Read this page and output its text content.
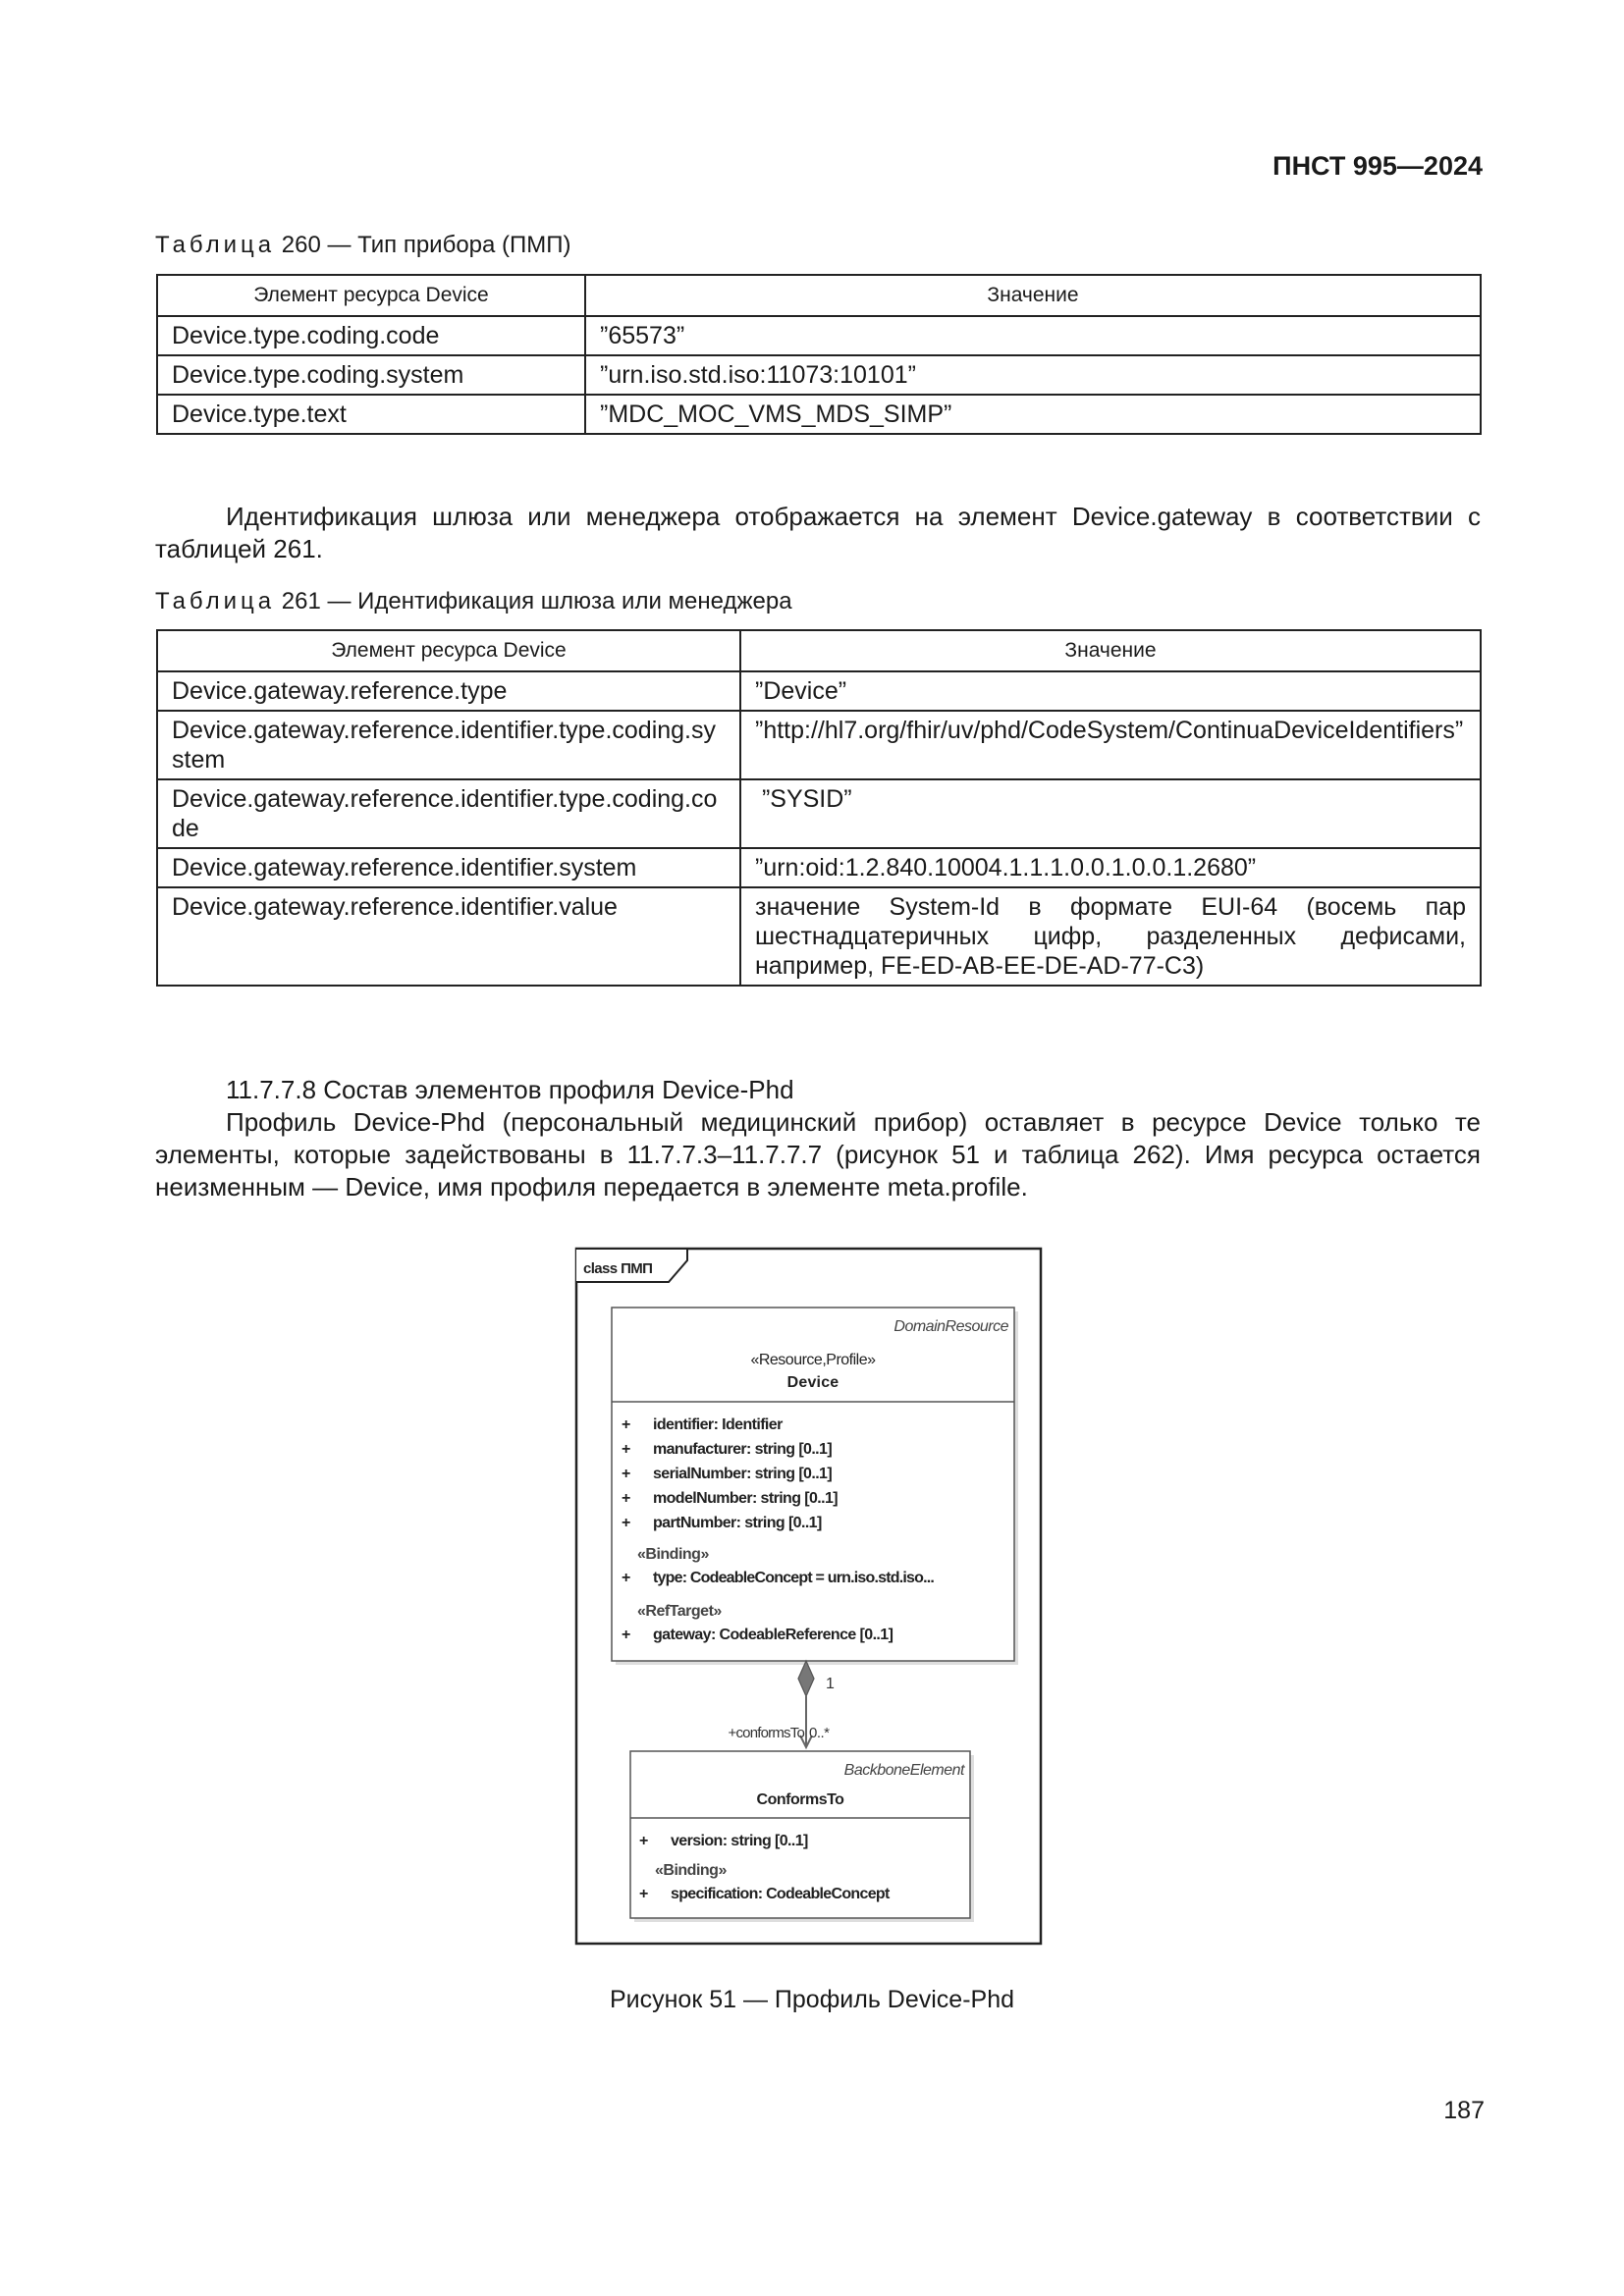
ПНСТ 995—2024
Таблица 260 — Тип прибора (ПМП)
Элемент ресурса Device	Значение
Device.type.coding.code	”65573”
Device.type.coding.system	”urn.iso.std.iso:11073:10101”
Device.type.text	”MDC_MOC_VMS_MDS_SIMP”
Идентификация шлюза или менеджера отображается на элемент Device.gateway в соответствии с таблицей 261.
Таблица 261 — Идентификация шлюза или менеджера
Элемент ресурса Device	Значение
Device.gateway.reference.type	”Device”
Device.gateway.reference.identifier.type.coding.system	”http://hl7.org/fhir/uv/phd/CodeSystem/ContinuaDeviceIdentifiers”
Device.gateway.reference.identifier.type.coding.code	”SYSID”
Device.gateway.reference.identifier.system	”urn:oid:1.2.840.10004.1.1.1.0.0.1.0.0.1.2680”
Device.gateway.reference.identifier.value	значение System-Id в формате EUI-64 (восемь пар шестнадцатеричных цифр, разделенных дефисами, например, FE-ED-AB-EE-DE-AD-77-C3)
11.7.7.8 Состав элементов профиля Device-Phd
Профиль Device-Phd (персональный медицинский прибор) оставляет в ресурсе Device только те элементы, которые задействованы в 11.7.7.3–11.7.7.7 (рисунок 51 и таблица 262). Имя ресурса остается неизменным — Device, имя профиля передается в элементе meta.profile.
class ПМП
DomainResource
«Resource,Profile»
Device
+ identifier: Identifier
+ manufacturer: string [0..1]
+ serialNumber: string [0..1]
+ modelNumber: string [0..1]
+ partNumber: string [0..1]
«Binding»
+ type: CodeableConcept = urn.iso.std.iso...
«RefTarget»
+ gateway: CodeableReference [0..1]
1
+conformsTo 0..*
BackboneElement
ConformsTo
+ version: string [0..1]
«Binding»
+ specification: CodeableConcept
Рисунок 51 — Профиль Device-Phd
187
